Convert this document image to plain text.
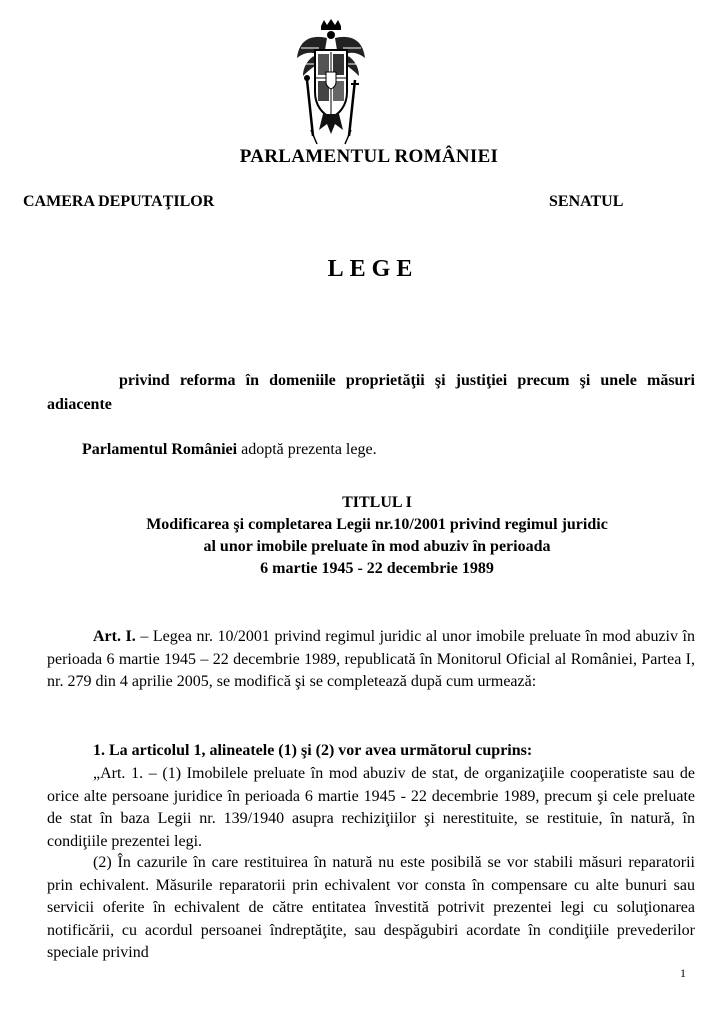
PARLAMENTUL ROMÂNIEI
CAMERA DEPUTAŢILOR	SENATUL
LEGE
privind reforma în domeniile proprietăţii şi justiţiei precum şi unele măsuri adiacente
Parlamentul României adoptă prezenta lege.
TITLUL I
Modificarea şi completarea Legii nr.10/2001 privind regimul juridic
al unor imobile preluate în mod abuziv în perioada
6 martie 1945 - 22 decembrie 1989
Art. I. – Legea nr. 10/2001 privind regimul juridic al unor imobile preluate în mod abuziv în perioada 6 martie 1945 – 22 decembrie 1989, republicată în Monitorul Oficial al României, Partea I, nr. 279 din 4 aprilie 2005, se modifică şi se completează după cum urmează:
1. La articolul 1, alineatele (1) şi (2) vor avea următorul cuprins:
„Art. 1. – (1) Imobilele preluate în mod abuziv de stat, de organizaţiile cooperatiste sau de orice alte persoane juridice în perioada 6 martie 1945 - 22 decembrie 1989, precum şi cele preluate de stat în baza Legii nr. 139/1940 asupra rechiziţiilor şi nerestituite, se restituie, în natură, în condiţiile prezentei legi.
(2) În cazurile în care restituirea în natură nu este posibilă se vor stabili măsuri reparatorii prin echivalent. Măsurile reparatorii prin echivalent vor consta în compensare cu alte bunuri sau servicii oferite în echivalent de către entitatea învestită potrivit prezentei legi cu soluţionarea notificării, cu acordul persoanei îndreptăţite, sau despăgubiri acordate în condiţiile prevederilor speciale privind
1
